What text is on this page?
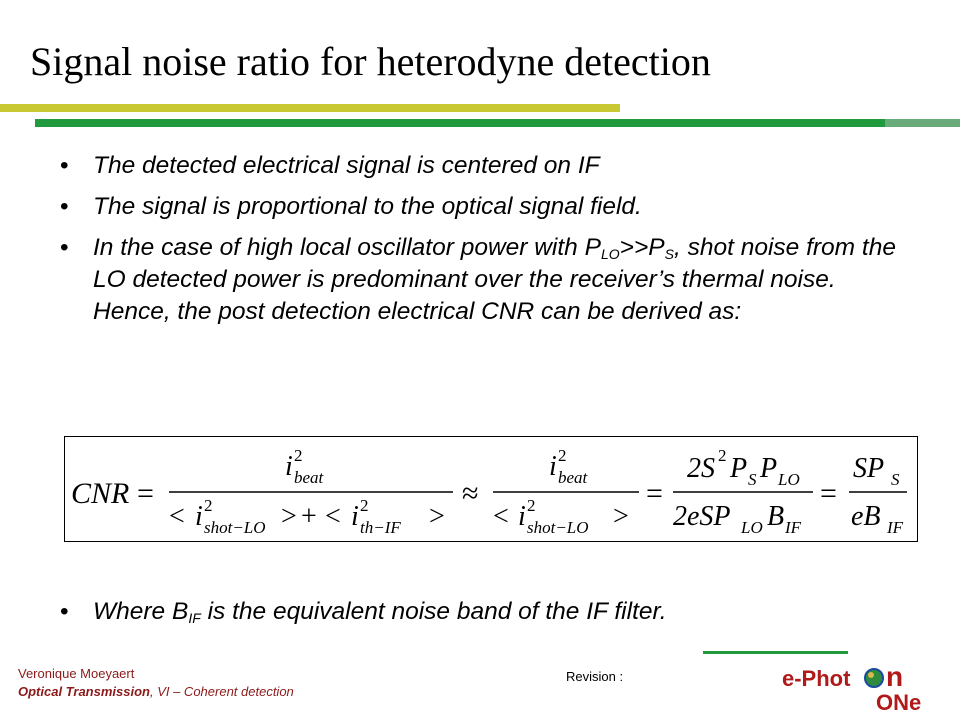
Signal noise ratio for heterodyne detection
• The detected electrical signal is centered on IF
• The signal is proportional to the optical signal field.
• In the case of high local oscillator power with $P_{LO}>>P_S$, shot noise from the LO detected power is predominant over the receiver’s thermal noise. Hence, the post detection electrical CNR can be derived as:
CNR =
i 2
beat
< i 2
shot−LO > + < i 2
th−IF >
≈
i 2
beat
< i 2
shot−LO >
=
2S 2 P S P LO
2eSP LO B IF
=
SP S
eB IF
• Where $B_{IF}$ is the equivalent noise band of the IF filter.
Veronique Moeyaert
Optical Transmission, VI – Coherent detection
Revision :	e-Phot n
ONe
